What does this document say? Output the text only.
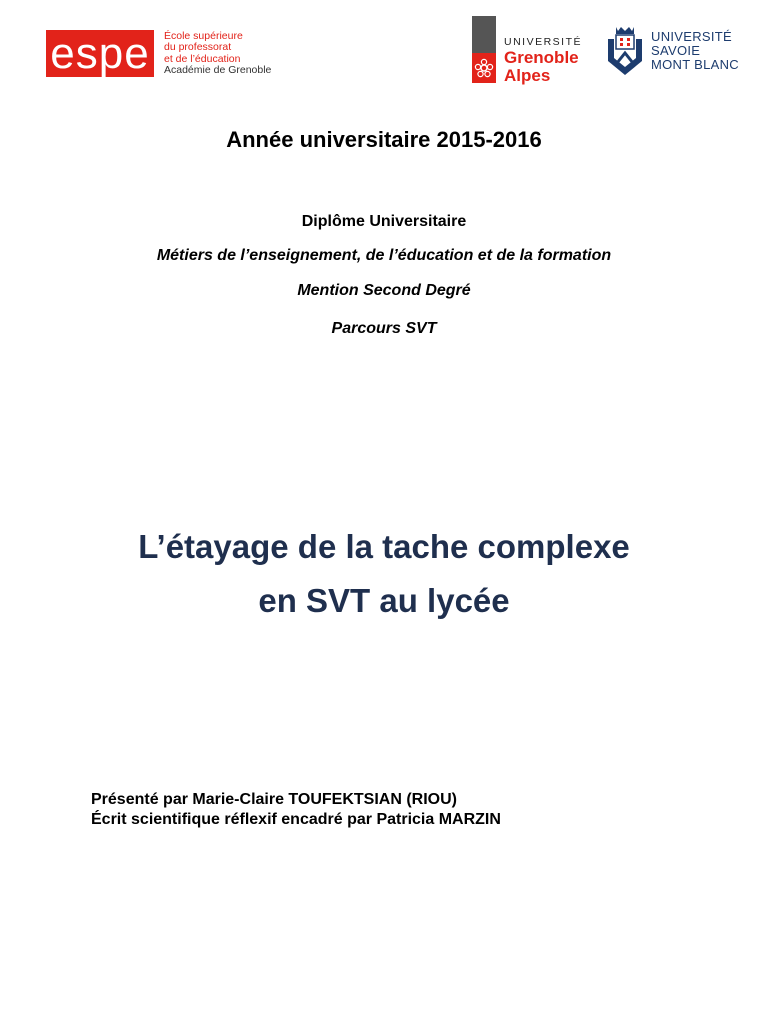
espe	École supérieure
du professorat
et de l’éducation
Académie de Grenoble
UNIVERSITÉ
Grenoble
Alpes
UNIVERSITÉ
SAVOIE
MONT BLANC
Année universitaire 2015-2016
Diplôme Universitaire
Métiers de l’enseignement, de l’éducation et de la formation
Mention Second Degré
Parcours SVT
L’étayage de la tache complexe
en SVT au lycée
Présenté par Marie-Claire TOUFEKTSIAN (RIOU)
Écrit scientifique réflexif encadré par Patricia MARZIN
